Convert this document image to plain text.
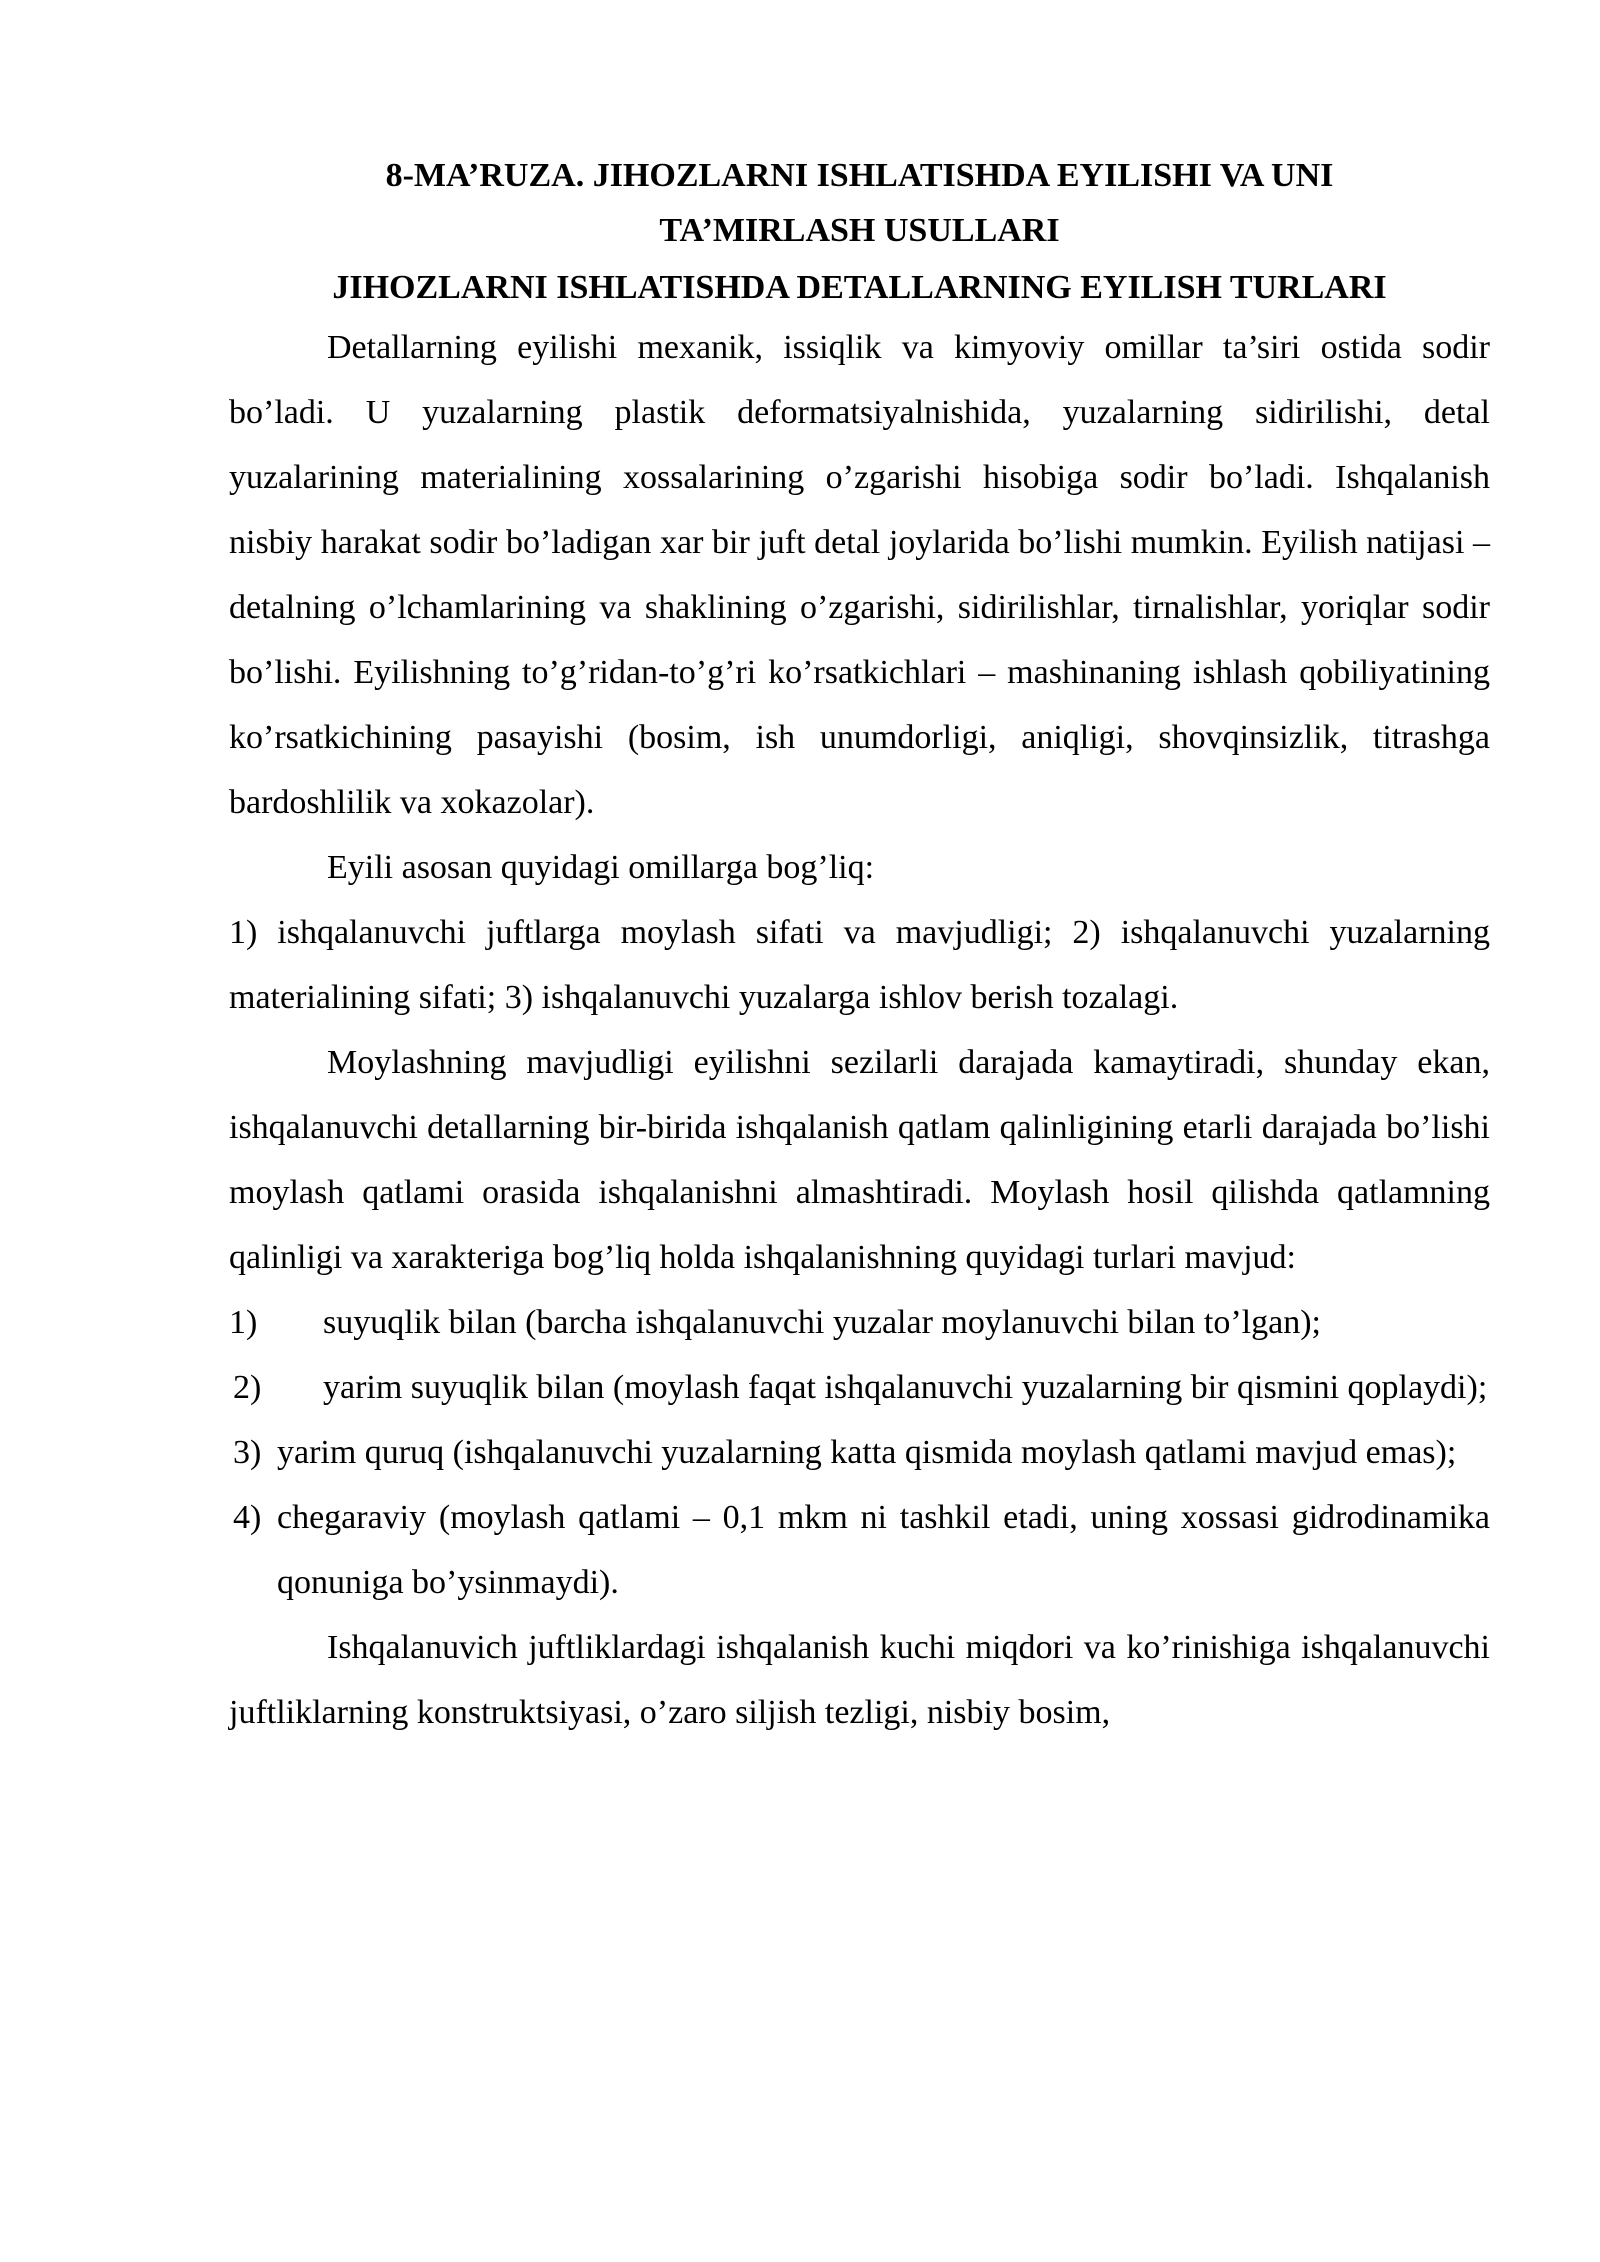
8-MA’RUZA. JIHOZLARNI ISHLATISHDA EYILISHI VA UNI

TA’MIRLASH USULLARI

JIHOZLARNI ISHLATISHDA DETALLARNING EYILISH TURLARI

Detallarning eyilishi mexanik, issiqlik va kimyoviy omillar ta’siri ostida sodir bo’ladi. U yuzalarning plastik deformatsiyalnishida, yuzalarning sidirilishi, detal yuzalarining materialining xossalarining o’zgarishi hisobiga sodir bo’ladi. Ishqalanish nisbiy harakat sodir bo’ladigan xar bir juft detal joylarida bo’lishi mumkin. Eyilish natijasi – detalning o’lchamlarining va shaklining o’zgarishi, sidirilishlar, tirnalishlar, yoriqlar sodir bo’lishi. Eyilishning to’g’ridan-to’g’ri ko’rsatkichlari – mashinaning ishlash qobiliyatining ko’rsatkichining pasayishi (bosim, ish unumdorligi, aniqligi, shovqinsizlik, titrashga bardoshlilik va xokazolar).

Eyili asosan quyidagi omillarga bog’liq:

1) ishqalanuvchi juftlarga moylash sifati va mavjudligi; 2) ishqalanuvchi yuzalarning materialining sifati; 3) ishqalanuvchi yuzalarga ishlov berish tozalagi.

Moylashning mavjudligi eyilishni sezilarli darajada kamaytiradi, shunday ekan, ishqalanuvchi detallarning bir-birida ishqalanish qatlam qalinligining etarli darajada bo’lishi moylash qatlami orasida ishqalanishni almashtiradi. Moylash hosil qilishda qatlamning qalinligi va xarakteriga bog’liq holda ishqalanishning quyidagi turlari mavjud:

1) suyuqlik bilan (barcha ishqalanuvchi yuzalar moylanuvchi bilan to’lgan);
2) yarim suyuqlik bilan (moylash faqat ishqalanuvchi yuzalarning bir qismini qoplaydi);
3) yarim quruq (ishqalanuvchi yuzalarning katta qismida moylash qatlami mavjud emas);
4) chegaraviy (moylash qatlami – 0,1 mkm ni tashkil etadi, uning xossasi gidrodinamika qonuniga bo’ysinmaydi).

Ishqalanuvich juftliklardagi ishqalanish kuchi miqdori va ko’rinishiga ishqalanuvchi juftliklarning konstruktsiyasi, o’zaro siljish tezligi, nisbiy bosim,
